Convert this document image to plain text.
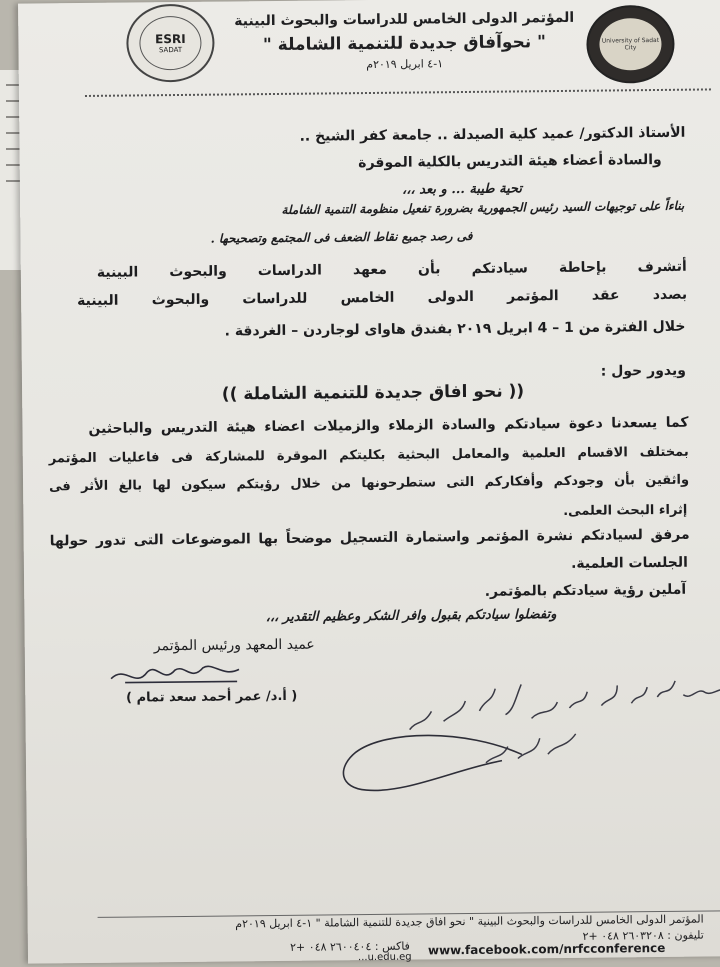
ESRI
SADAT
المؤتمر الدولى الخامس للدراسات والبحوث البينية
" نحوآفاق جديدة للتنمية الشاملة "
١-٤ ابريل ٢٠١٩م
University of Sadat City
الأستاذ الدكتور/ عميد كلية الصيدلة .. جامعة كفر الشيخ ..
والسادة أعضاء هيئة التدريس بالكلية الموقرة
تحية طيبة ... و بعد ،،،
بناءاً على توجيهات السيد رئيس الجمهورية بضرورة تفعيل منظومة التنمية الشاملة
فى رصد جميع نقاط الضعف فى المجتمع وتصحيحها .
أتشرف بإحاطة سيادتكم بأن معهد الدراسات والبحوث البينية
بصدد عقد المؤتمر الدولى الخامس للدراسات والبحوث البينية
خلال الفترة من 1 – 4 ابريل ٢٠١٩ بفندق هاواى لوجاردن – الغردقة .
ويدور حول :
(( نحو افاق جديدة للتنمية الشاملة ))
كما يسعدنا دعوة سيادتكم والسادة الزملاء والزميلات اعضاء هيئة التدريس والباحثين
بمختلف الاقسام العلمية والمعامل البحثية بكليتكم الموقرة للمشاركة فى فاعليات المؤتمر
واثقين بأن وجودكم وأفكاركم التى ستطرحونها من خلال رؤيتكم سيكون لها بالغ الأثر فى
إثراء البحث العلمى.
مرفق لسيادتكم نشرة المؤتمر واستمارة التسجيل موضحاً بها الموضوعات التى تدور حولها
الجلسات العلمية.
آملين رؤية سيادتكم بالمؤتمر.
وتفضلوا سيادتكم بقبول وافر الشكر وعظيم التقدير ،،،
عميد المعهد ورئيس المؤتمر
( أ.د/ عمر أحمد سعد تمام )
المؤتمر الدولى الخامس للدراسات والبحوث البينية " نحو افاق جديدة للتنمية الشاملة " ١-٤ ابريل ٢٠١٩م
تليفون : ٢٦٠٣٢٠٨ ٠٤٨ +٢
فاكس : ٢٦٠٠٤٠٤ ٠٤٨ +٢ www.facebook.com/nrfcconference
...u.edu.eg
